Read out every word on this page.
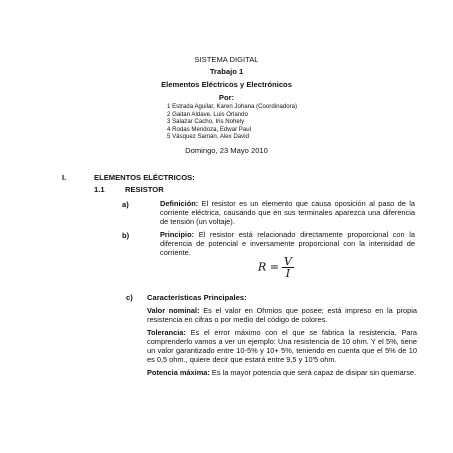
SISTEMA DIGITAL
Trabajo 1
Elementos Eléctricos y Electrónicos
Por:
1 Estrada Aguilar, Karen Johana (Coordinadora)
2 Gaitan Aldave, Luis Orlando
3 Salazar Cacho, Iris Nohely
4 Rodas Mendoza, Edwar Paul
5 Vásquez Samán, Alex David
Domingo, 23 Mayo 2010
I.	ELEMENTOS ELÉCTRICOS:
1.1	RESISTOR
a)	Definición: El resistor es un elemento que causa oposición al paso de la corriente eléctrica, causando que en sus terminales aparezca una diferencia de tensión (un voltaje).
b)	Principio: El resistor está relacionado directamente proporcional con la diferencia de potencial e inversamente proporcional con la intensidad de corriente.
$R = \frac{V}{I}$
c) Características Principales:
Valor nominal: Es el valor en Ohmios que posee; está impreso en la propia resistencia en cifras o por medio del código de colores.
Tolerancia: Es el error máximo con el que se fabrica la resistencia. Para comprenderlo vamos a ver un ejemplo: Una resistencia de 10 ohm. Y el 5%, tiene un valor garantizado entre 10-5% y 10+ 5%, teniendo en cuenta que el 5% de 10 es 0,5 ohm., quiere decir que estará entre 9,5 y 10'5 ohm.
Potencia máxima: Es la mayor potencia que será capaz de disipar sin quemarse.
